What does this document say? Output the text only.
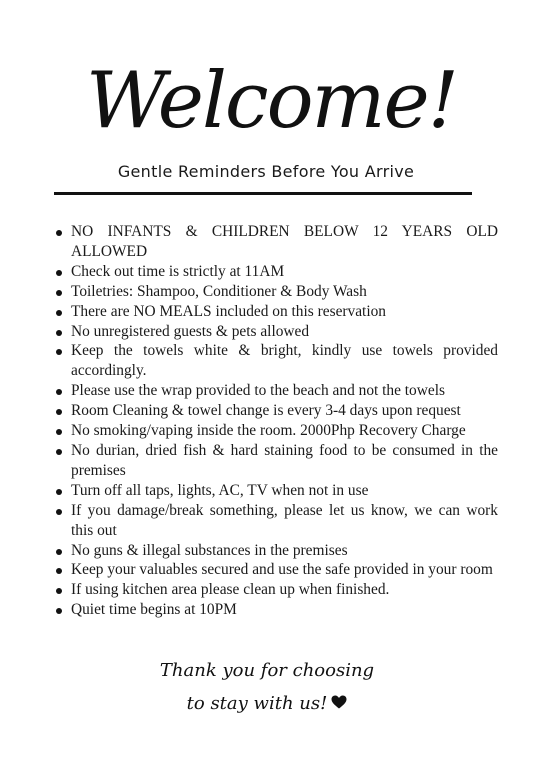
Welcome!
Gentle Reminders Before You Arrive
NO INFANTS & CHILDREN BELOW 12 YEARS OLD ALLOWED
Check out time is strictly at 11AM
Toiletries: Shampoo, Conditioner & Body Wash
There are NO MEALS included on this reservation
No unregistered guests & pets allowed
Keep the towels white & bright, kindly use towels provided accordingly.
Please use the wrap provided to the beach and not the towels
Room Cleaning & towel change is every 3-4 days upon request
No smoking/vaping inside the room. 2000Php Recovery Charge
No durian, dried fish & hard staining food to be consumed in the premises
Turn off all taps, lights, AC, TV when not in use
If you damage/break something, please let us know, we can work this out
No guns & illegal substances in the premises
Keep your valuables secured and use the safe provided in your room
If using kitchen area please clean up when finished.
Quiet time begins at 10PM
Thank you for choosing
to stay with us!
